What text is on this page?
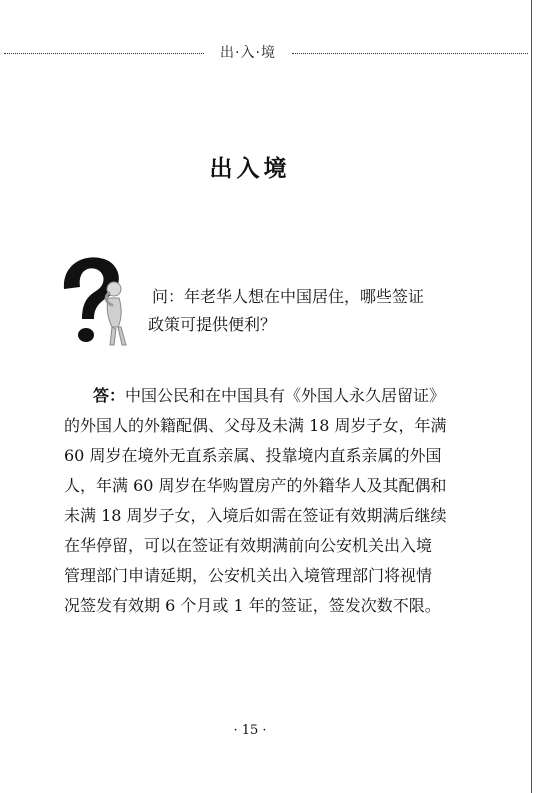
出·入·境
出入境
问：年老华人想在中国居住，哪些签证
政策可提供便利？
答：中国公民和在中国具有《外国人永久居留证》
的外国人的外籍配偶、父母及未满 18 周岁子女，年满
60 周岁在境外无直系亲属、投靠境内直系亲属的外国
人，年满 60 周岁在华购置房产的外籍华人及其配偶和
未满 18 周岁子女，入境后如需在签证有效期满后继续
在华停留，可以在签证有效期满前向公安机关出入境
管理部门申请延期，公安机关出入境管理部门将视情
况签发有效期 6 个月或 1 年的签证，签发次数不限。
· 15 ·
